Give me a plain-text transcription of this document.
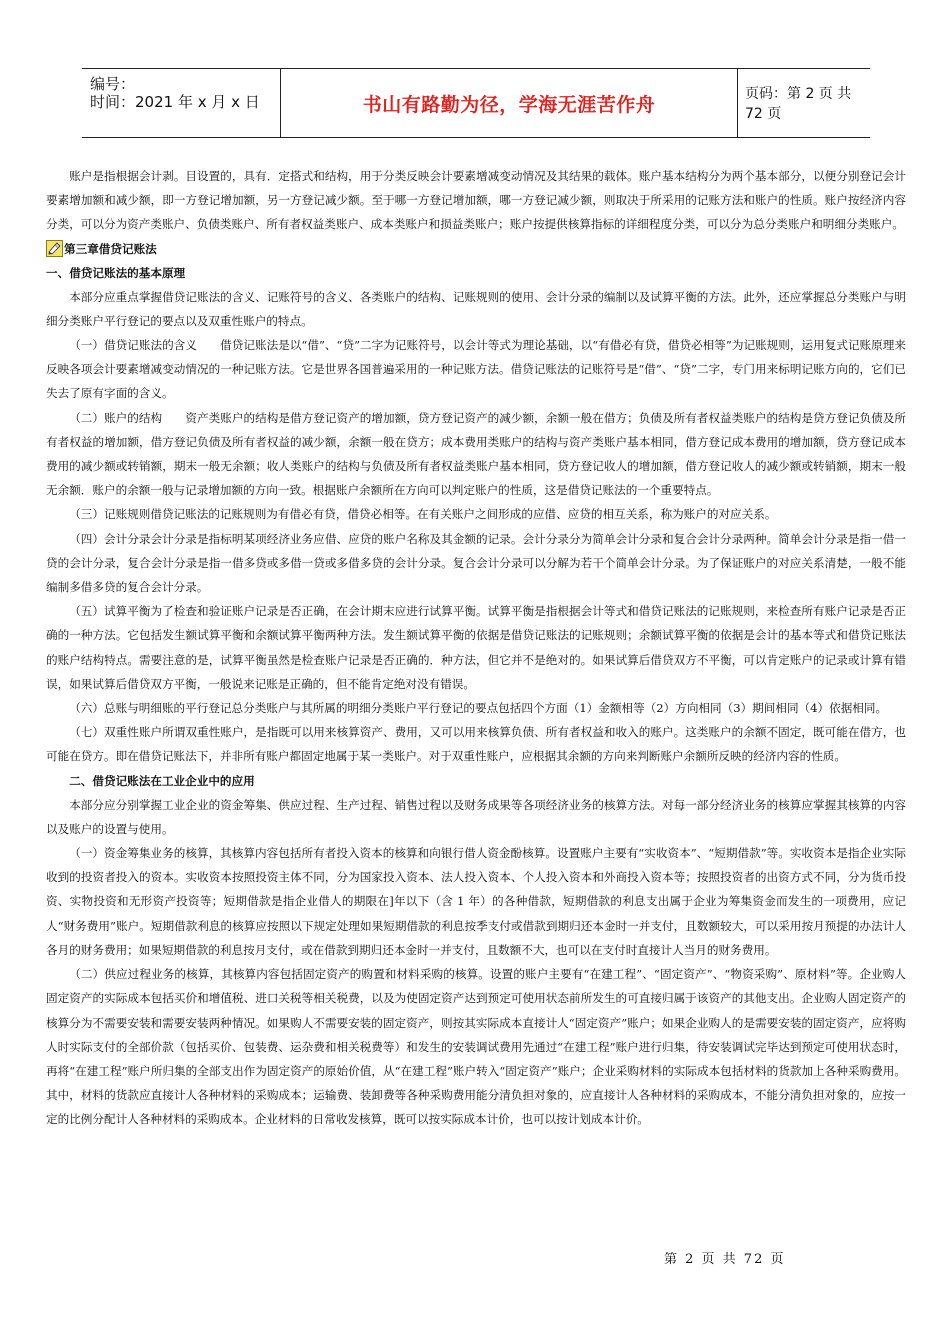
编号：
时间：2021 年 x 月 x 日	书山有路勤为径，学海无涯苦作舟	页码：第 2 页 共 72 页

账户是指根据会计剥。目设置的，具有．定搭式和结构，用于分类反映会计要素增减变动情况及其结果的载体。账户基本结构分为两个基本部分，以便分别登记会计要素增加额和减少额，即一方登记增加额，另一方登记减少额。至于哪一方登记增加额，哪一方登记减少额，则取决于所采用的记账方法和账户的性质。账户按经济内容分类，可以分为资产类账户、负债类账户、所有者权益类账户、成本类账户和损益类账户；账户按提供核算指标的详细程度分类，可以分为总分类账户和明细分类账户。

第三章借贷记账法
一、借贷记账法的基本原理

本部分应重点掌握借贷记账法的含义、记账符号的含义、各类账户的结构、记账规则的使用、会计分录的编制以及试算平衡的方法。此外，还应掌握总分类账户与明细分类账户平行登记的要点以及双重性账户的特点。

（一）借贷记账法的含义　　借贷记账法是以“借”、“贷”二字为记账符号，以会计等式为理论基础，以“有借必有贷，借贷必相等”为记账规则，运用复式记账原理来反映各项会计要素增减变动情况的一种记账方法。它是世界各国普遍采用的一种记账方法。借贷记账法的记账符号是“借”、“贷”二字，专门用来标明记账方向的，它们已失去了原有字面的含义。

（二）账户的结构　　资产类账户的结构是借方登记资产的增加额，贷方登记资产的减少额，余额一般在借方；负债及所有者权益类账户的结构是贷方登记负债及所有者权益的增加额，借方登记负债及所有者权益的减少额，余额一般在贷方；成本费用类账户的结构与资产类账户基本相同，借方登记成本费用的增加额，贷方登记成本费用的减少额或转销额，期末一般无余额；收人类账户的结构与负债及所有者权益类账户基本相同，贷方登记收人的增加额，借方登记收人的减少额或转销额，期末一般无余额．账户的余额一般与记录增加额的方向一致。根据账户余额所在方向可以判定账户的性质，这是借贷记账法的一个重要特点。

（三）记账规则借贷记账法的记账规则为有借必有贷，借贷必相等。在有关账户之间形成的应借、应贷的相互关系，称为账户的对应关系。

（四）会计分录会计分录是指标明某项经济业务应借、应贷的账户名称及其金额的记录。会计分录分为简单会计分录和复合会计分录两种。简单会计分录是指一借一贷的会计分录，复合会计分录是指一借多贷或多借一贷或多借多贷的会计分录。复合会计分录可以分解为若干个简单会计分录。为了保证账户的对应关系清楚，一般不能编制多借多贷的复合会计分录。

（五）试算平衡为了检查和验证账户记录是否正确，在会计期末应进行试算平衡。试算平衡是指根据会计等式和借贷记账法的记账规则，来检查所有账户记录是否正确的一种方法。它包括发生额试算平衡和余额试算平衡两种方法。发生额试算平衡的依据是借贷记账法的记账规则；余额试算平衡的依据是会计的基本等式和借贷记账法的账户结构特点。需要注意的是，试算平衡虽然是检查账户记录是否正确的．种方法，但它并不是绝对的。如果试算后借贷双方不平衡，可以肯定账户的记录或计算有错误，如果试算后借贷双方平衡，一般说来记账是正确的，但不能肯定绝对没有错误。

（六）总账与明细账的平行登记总分类账户与其所属的明细分类账户平行登记的要点包括四个方面（1）金额相等（2）方向相同（3）期间相同（4）依据相同。

（七）双重性账户所谓双重性账户，是指既可以用来核算资产、费用，又可以用来核算负债、所有者权益和收入的账户。这类账户的余额不固定，既可能在借方，也可能在贷方。即在借贷记账法下，并非所有账户都固定地属于某一类账户。对于双重性账户，应根据其余额的方向来判断账户余额所反映的经济内容的性质。

二、借贷记账法在工业企业中的应用

本部分应分别掌握工业企业的资金筹集、供应过程、生产过程、销售过程以及财务成果等各项经济业务的核算方法。对每一部分经济业务的核算应掌握其核算的内容以及账户的设置与使用。

（一）资金筹集业务的核算，其核算内容包括所有者投入资本的核算和向银行借人资金酚核算。设置账户主要有“实收资本”、“短期借款”等。实收资本是指企业实际收到的投资者投入的资本。实收资本按照投资主体不同，分为国家投入资本、法人投入资本、个人投入资本和外商投入资本等；按照投资者的出资方式不同，分为货币投资、实物投资和无形资产投资等；短期借款是指企业借人的期限在]年以下（含 1 年）的各种借款，短期借款的利息支出属于企业为筹集资金而发生的一项费用，应记人“财务费用”账户。短期借款利息的核算应按照以下规定处理如果短期借款的利息按季支付或借款到期归还本金时一并支付，且数额较大，可以采用按月预提的办法计人各月的财务费用；如果短期借款的利息按月支付，或在借款到期归还本金时一并支付，且数额不大，也可以在支付时直接计人当月的财务费用。

（二）供应过程业务的核算，其核算内容包括固定资产的购置和材料采购的核算。设置的账户主要有“在建工程”、“固定资产”、“物资采购”、原材料”等。企业购人固定资产的实际成本包括买价和增值税、进口关税等相关税费，以及为使固定资产达到预定可使用状态前所发生的可直接归属于该资产的其他支出。企业购人固定资产的核算分为不需要安装和需要安装两种情况。如果购人不需要安装的固定资产，则按其实际成本直接计人“固定资产”账户；如果企业购人的是需要安装的固定资产，应将购人时实际支付的全部价款（包括买价、包装费、运杂费和相关税费等）和发生的安装调试费用先通过“在建工程”账户进行归集，待安装调试完毕达到预定可使用状态时，再将“在建工程”账户所归集的全部支出作为固定资产的原始价值，从“在建工程”账户转入“固定资产”账户；企业采购材料的实际成本包括材料的货款加上各种采购费用。其中，材料的货款应直接计人各种材料的采购成本；运输费、装卸费等各种采购费用能分清负担对象的，应直接计人各种材料的采购成本，不能分清负担对象的，应按一定的比例分配计人各种材料的采购成本。企业材料的日常收发核算，既可以按实际成本计价，也可以按计划成本计价。

第 2 页 共 72 页
